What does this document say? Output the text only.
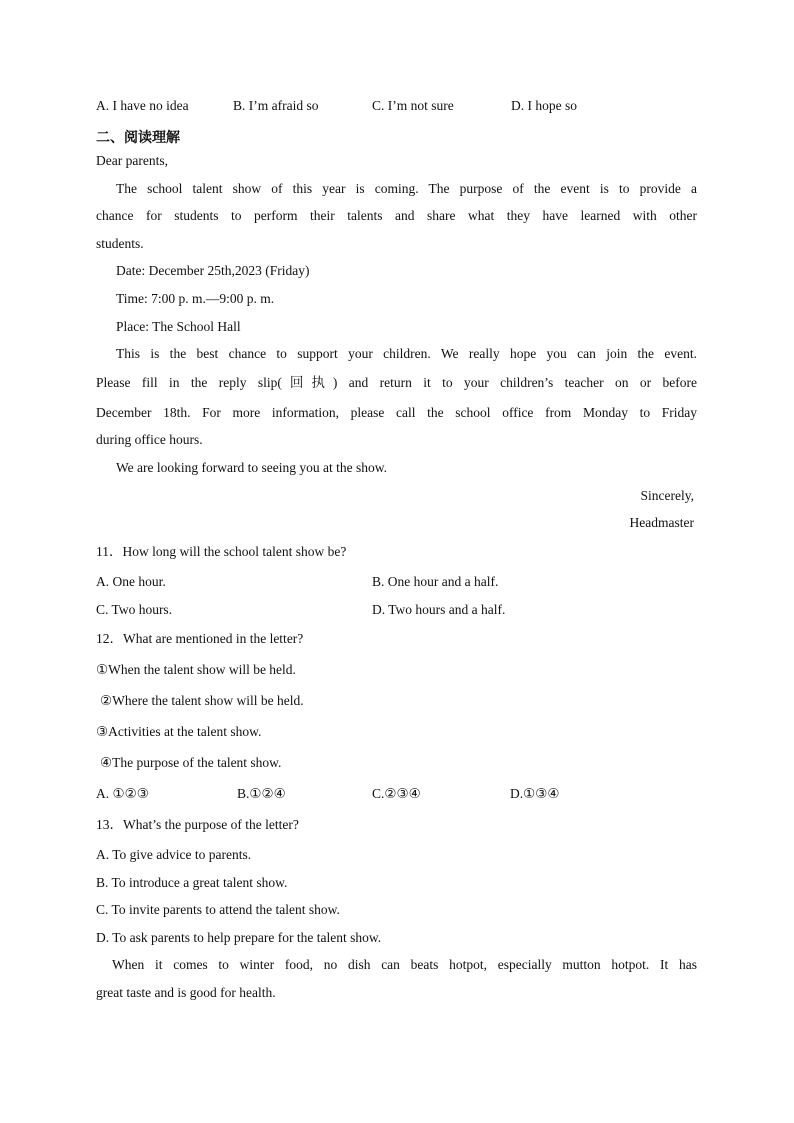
A. I have no idea	B. I’m afraid so	C. I’m not sure	D. I hope so
二、阅读理解
Dear parents,
The school talent show of this year is coming. The purpose of the event is to provide a
chance for students to perform their talents and share what they have learned with other
students.
Date: December 25th,2023 (Friday)
Time: 7:00 p. m.—9:00 p. m.
Place: The School Hall
This is the best chance to support your children. We really hope you can join the event.
Please fill in the reply slip(回执) and return it to your children’s teacher on or before
December 18th. For more information, please call the school office from Monday to Friday
during office hours.
We are looking forward to seeing you at the show.
Sincerely,
Headmaster
11．How long will the school talent show be?
A. One hour.	B. One hour and a half.
C. Two hours.	D. Two hours and a half.
12．What are mentioned in the letter?
①When the talent show will be held.
②Where the talent show will be held.
③Activities at the talent show.
④The purpose of the talent show.
A. ①②③	B.①②④	C.②③④	D.①③④
13．What’s the purpose of the letter?
A. To give advice to parents.
B. To introduce a great talent show.
C. To invite parents to attend the talent show.
D. To ask parents to help prepare for the talent show.
When it comes to winter food, no dish can beats hotpot, especially mutton hotpot. It has
great taste and is good for health.
